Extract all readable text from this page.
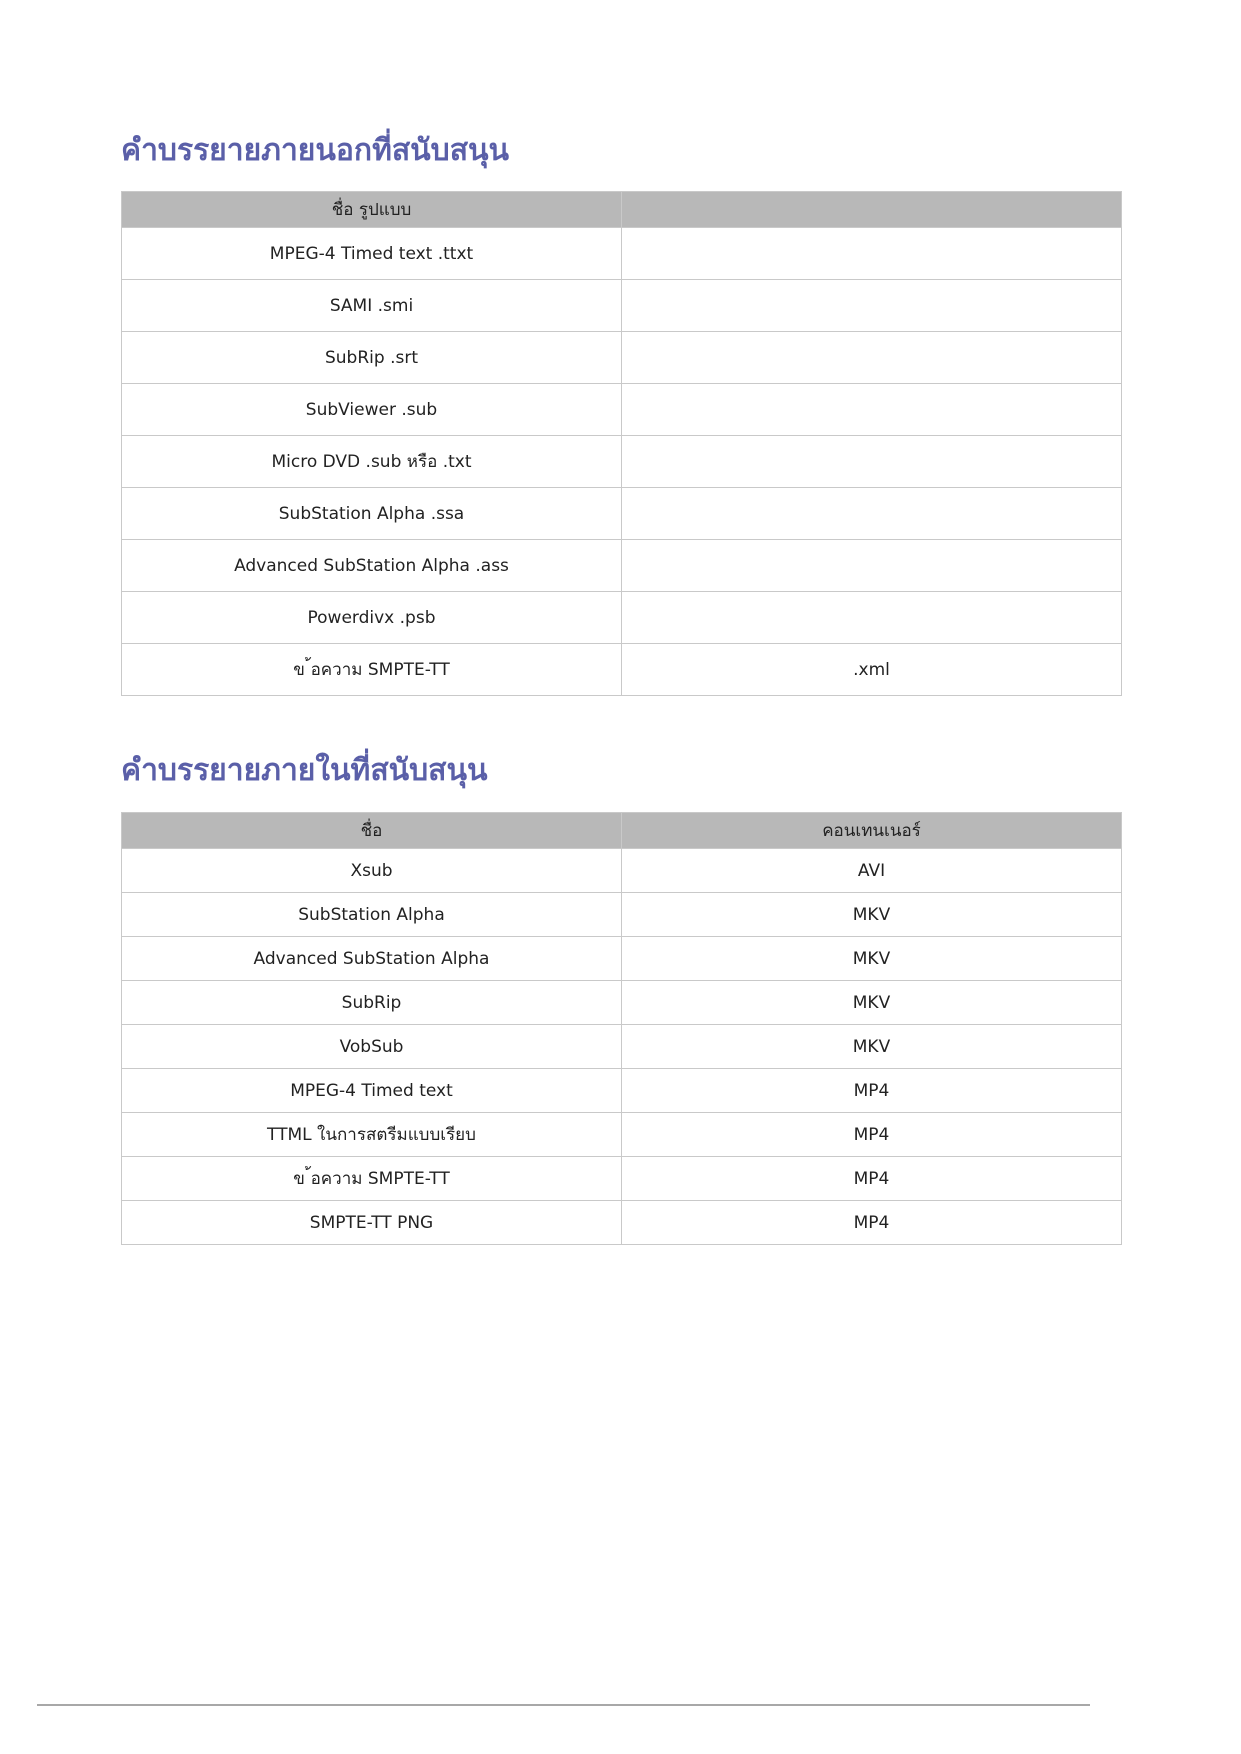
คำบรรยายภายนอกที่สนับสนุน
ชื่อ รูปแบบ	
MPEG-4 Timed text .ttxt	
SAMI .smi	
SubRip .srt	
SubViewer .sub	
Micro DVD .sub หรือ .txt	
SubStation Alpha .ssa	
Advanced SubStation Alpha .ass	
Powerdivx .psb	
ข ้อความ SMPTE-TT	.xml
คำบรรยายภายในที่สนับสนุน
ชื่อ	คอนเทนเนอร์
Xsub	AVI
SubStation Alpha	MKV
Advanced SubStation Alpha	MKV
SubRip	MKV
VobSub	MKV
MPEG-4 Timed text	MP4
TTML ในการสตรีมแบบเรียบ	MP4
ข ้อความ SMPTE-TT	MP4
SMPTE-TT PNG	MP4
